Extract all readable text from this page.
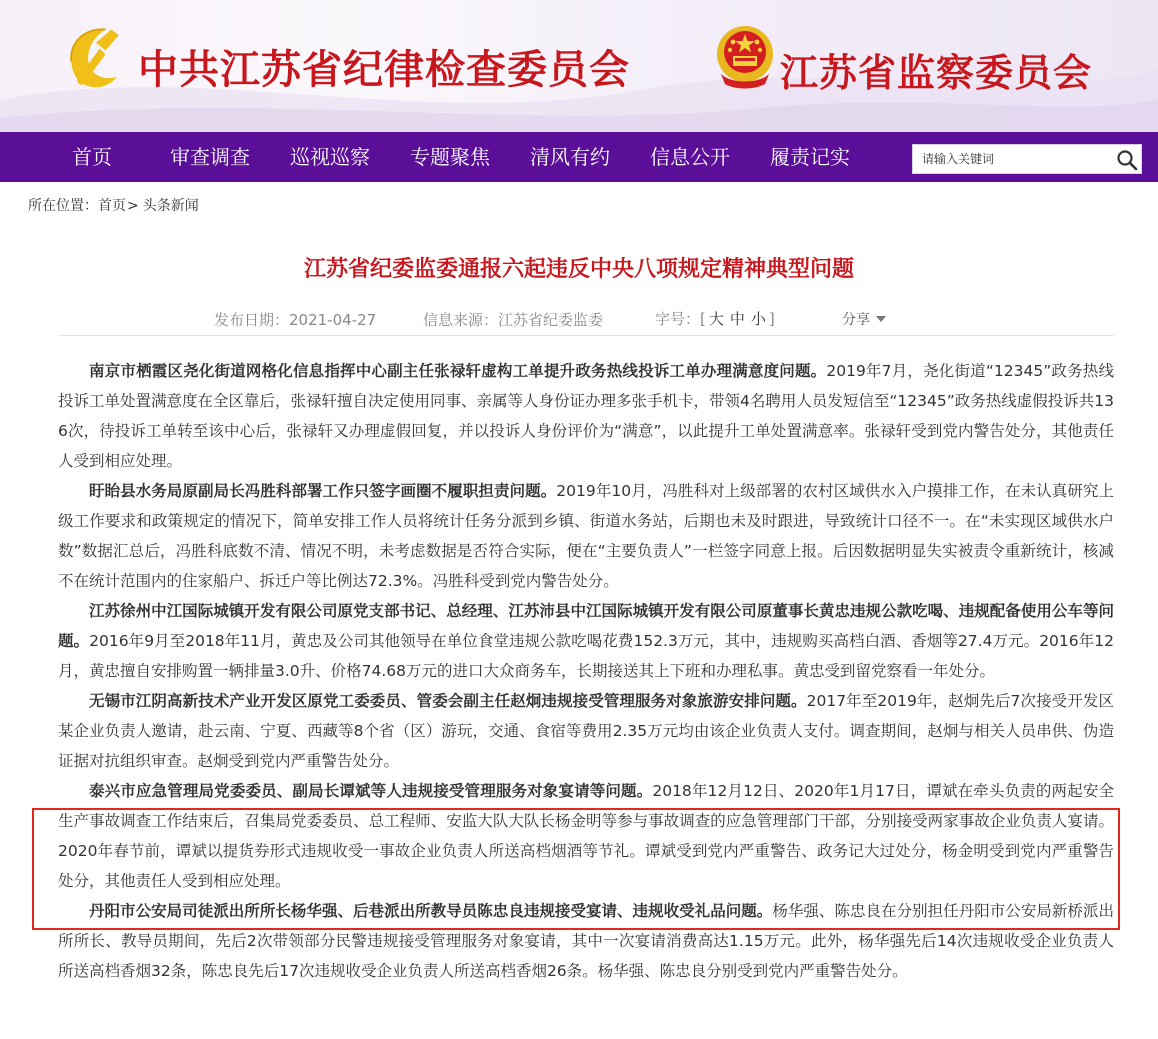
中共江苏省纪律检查委员会	江苏省监察委员会
首页	审查调查 巡视巡察 专题聚焦 清风有约 信息公开 履责记实
请输入关键词
所在位置：首页> 头条新闻
江苏省纪委监委通报六起违反中央八项规定精神典型问题
发布日期：2021-04-27	信息来源：江苏省纪委监委	字号：[ 大 中 小 ]	分享

南京市栖霞区尧化街道网格化信息指挥中心副主任张禄轩虚构工单提升政务热线投诉工单办理满意度问题。2019年7月，尧化街道“12345”政务热线投诉工单处置满意度在全区靠后，张禄轩擅自决定使用同事、亲属等人身份证办理多张手机卡，带领4名聘用人员发短信至“12345”政务热线虚假投诉共136次，待投诉工单转至该中心后，张禄轩又办理虚假回复，并以投诉人身份评价为“满意”，以此提升工单处置满意率。张禄轩受到党内警告处分，其他责任人受到相应处理。

盱眙县水务局原副局长冯胜科部署工作只签字画圈不履职担责问题。2019年10月，冯胜科对上级部署的农村区域供水入户摸排工作，在未认真研究上级工作要求和政策规定的情况下，简单安排工作人员将统计任务分派到乡镇、街道水务站，后期也未及时跟进，导致统计口径不一。在“未实现区域供水户数”数据汇总后，冯胜科底数不清、情况不明，未考虑数据是否符合实际，便在“主要负责人”一栏签字同意上报。后因数据明显失实被责令重新统计，核减不在统计范围内的住家船户、拆迁户等比例达72.3%。冯胜科受到党内警告处分。

江苏徐州中江国际城镇开发有限公司原党支部书记、总经理、江苏沛县中江国际城镇开发有限公司原董事长黄忠违规公款吃喝、违规配备使用公车等问题。2016年9月至2018年11月，黄忠及公司其他领导在单位食堂违规公款吃喝花费152.3万元，其中，违规购买高档白酒、香烟等27.4万元。2016年12月，黄忠擅自安排购置一辆排量3.0升、价格74.68万元的进口大众商务车，长期接送其上下班和办理私事。黄忠受到留党察看一年处分。

无锡市江阴高新技术产业开发区原党工委委员、管委会副主任赵炯违规接受管理服务对象旅游安排问题。2017年至2019年，赵炯先后7次接受开发区某企业负责人邀请，赴云南、宁夏、西藏等8个省（区）游玩，交通、食宿等费用2.35万元均由该企业负责人支付。调查期间，赵炯与相关人员串供、伪造证据对抗组织审查。赵炯受到党内严重警告处分。

泰兴市应急管理局党委委员、副局长谭斌等人违规接受管理服务对象宴请等问题。2018年12月12日、2020年1月17日，谭斌在牵头负责的两起安全生产事故调查工作结束后，召集局党委委员、总工程师、安监大队大队长杨金明等参与事故调查的应急管理部门干部，分别接受两家事故企业负责人宴请。2020年春节前，谭斌以提货券形式违规收受一事故企业负责人所送高档烟酒等节礼。谭斌受到党内严重警告、政务记大过处分，杨金明受到党内严重警告处分，其他责任人受到相应处理。

丹阳市公安局司徒派出所所长杨华强、后巷派出所教导员陈忠良违规接受宴请、违规收受礼品问题。杨华强、陈忠良在分别担任丹阳市公安局新桥派出所所长、教导员期间，先后2次带领部分民警违规接受管理服务对象宴请，其中一次宴请消费高达1.15万元。此外，杨华强先后14次违规收受企业负责人所送高档香烟32条，陈忠良先后17次违规收受企业负责人所送高档香烟26条。杨华强、陈忠良分别受到党内严重警告处分。
